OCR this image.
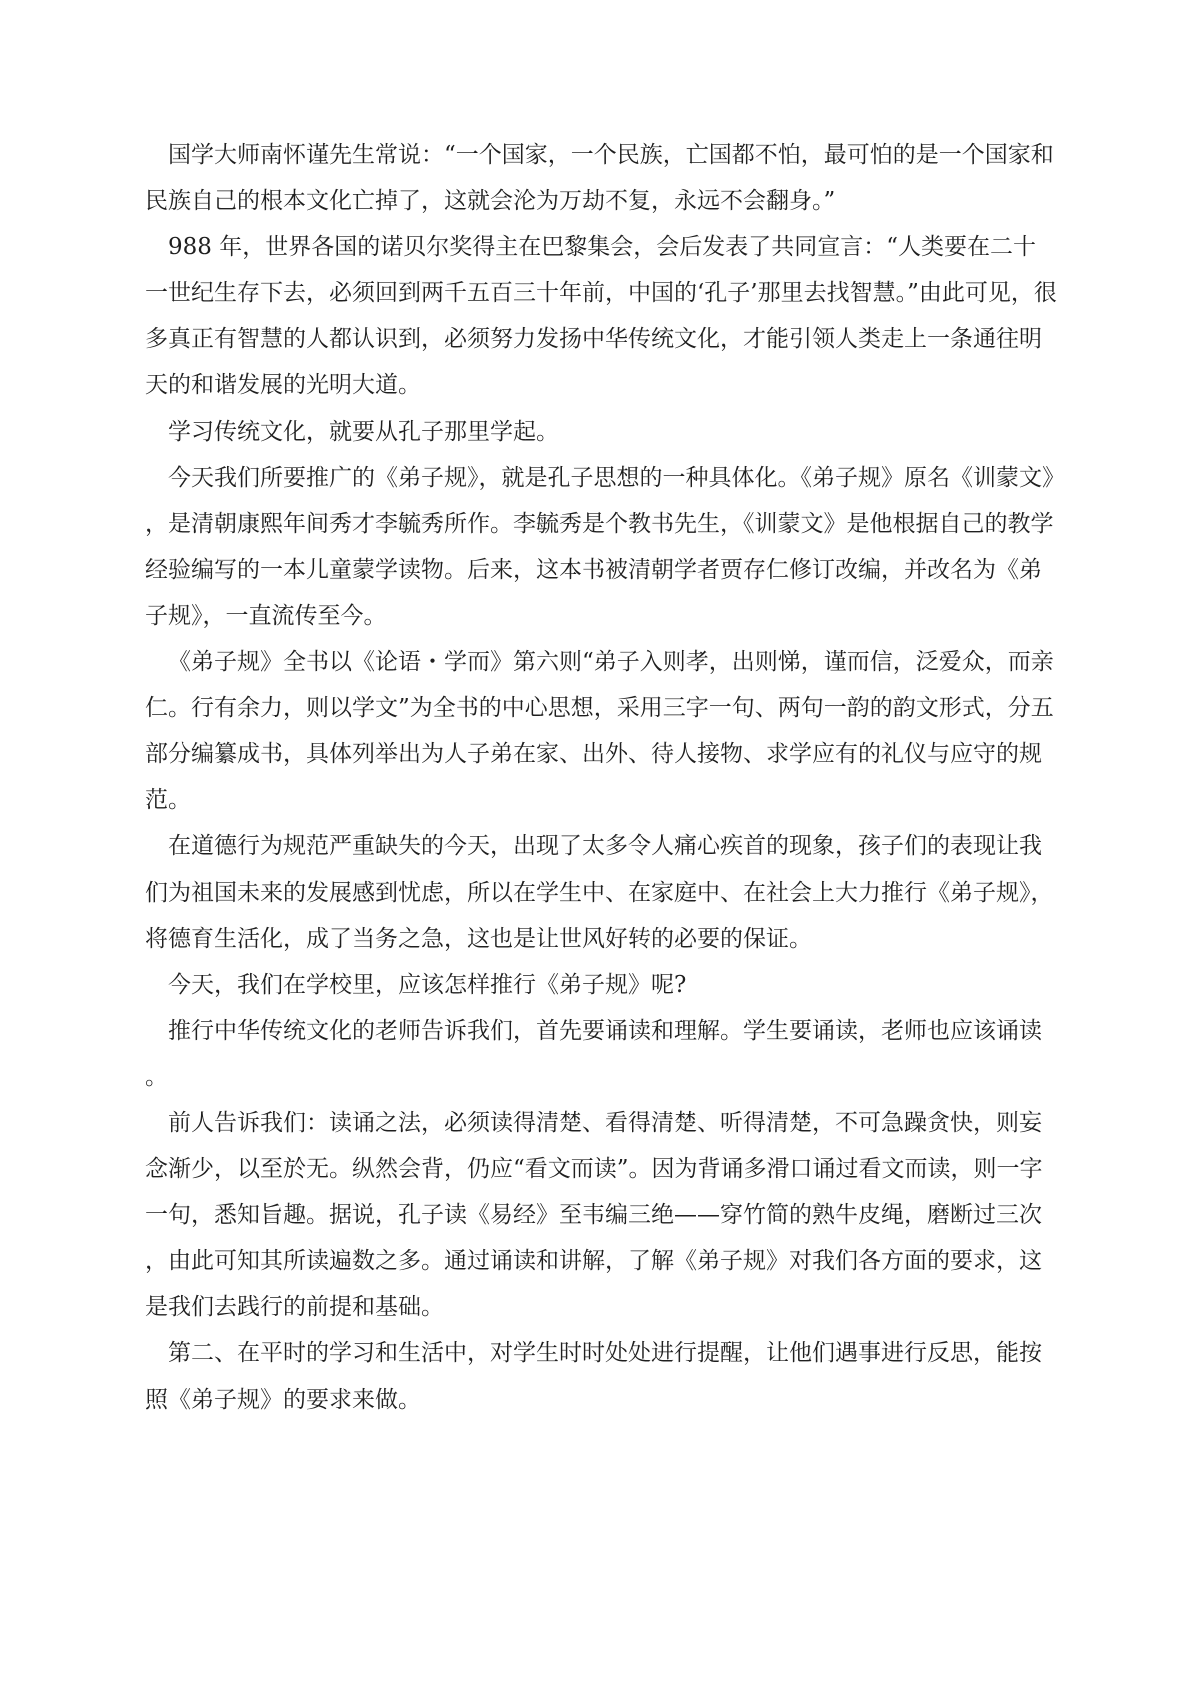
国学大师南怀谨先生常说：“一个国家，一个民族，亡国都不怕，最可怕的是一个国家和民族自己的根本文化亡掉了，这就会沦为万劫不复，永远不会翻身。”

988 年，世界各国的诺贝尔奖得主在巴黎集会，会后发表了共同宣言：“人类要在二十一世纪生存下去，必须回到两千五百三十年前，中国的‘孔子’那里去找智慧。”由此可见，很多真正有智慧的人都认识到，必须努力发扬中华传统文化，才能引领人类走上一条通往明天的和谐发展的光明大道。

学习传统文化，就要从孔子那里学起。

今天我们所要推广的《弟子规》，就是孔子思想的一种具体化。《弟子规》原名《训蒙文》，是清朝康熙年间秀才李毓秀所作。李毓秀是个教书先生，《训蒙文》是他根据自己的教学经验编写的一本儿童蒙学读物。后来，这本书被清朝学者贾存仁修订改编，并改名为《弟子规》，一直流传至今。

《弟子规》全书以《论语・学而》第六则“弟子入则孝，出则悌，谨而信，泛爱众，而亲仁。行有余力，则以学文”为全书的中心思想，采用三字一句、两句一韵的韵文形式，分五部分编纂成书，具体列举出为人子弟在家、出外、待人接物、求学应有的礼仪与应守的规范。

在道德行为规范严重缺失的今天，出现了太多令人痛心疾首的现象，孩子们的表现让我们为祖国未来的发展感到忧虑，所以在学生中、在家庭中、在社会上大力推行《弟子规》，将德育生活化，成了当务之急，这也是让世风好转的必要的保证。

今天，我们在学校里，应该怎样推行《弟子规》呢?

推行中华传统文化的老师告诉我们，首先要诵读和理解。学生要诵读，老师也应该诵读。

前人告诉我们：读诵之法，必须读得清楚、看得清楚、听得清楚，不可急躁贪快，则妄念渐少，以至於无。纵然会背，仍应“看文而读”。因为背诵多滑口诵过看文而读，则一字一句，悉知旨趣。据说，孔子读《易经》至韦编三绝——穿竹简的熟牛皮绳，磨断过三次，由此可知其所读遍数之多。通过诵读和讲解，了解《弟子规》对我们各方面的要求，这是我们去践行的前提和基础。

第二、在平时的学习和生活中，对学生时时处处进行提醒，让他们遇事进行反思，能按照《弟子规》的要求来做。
